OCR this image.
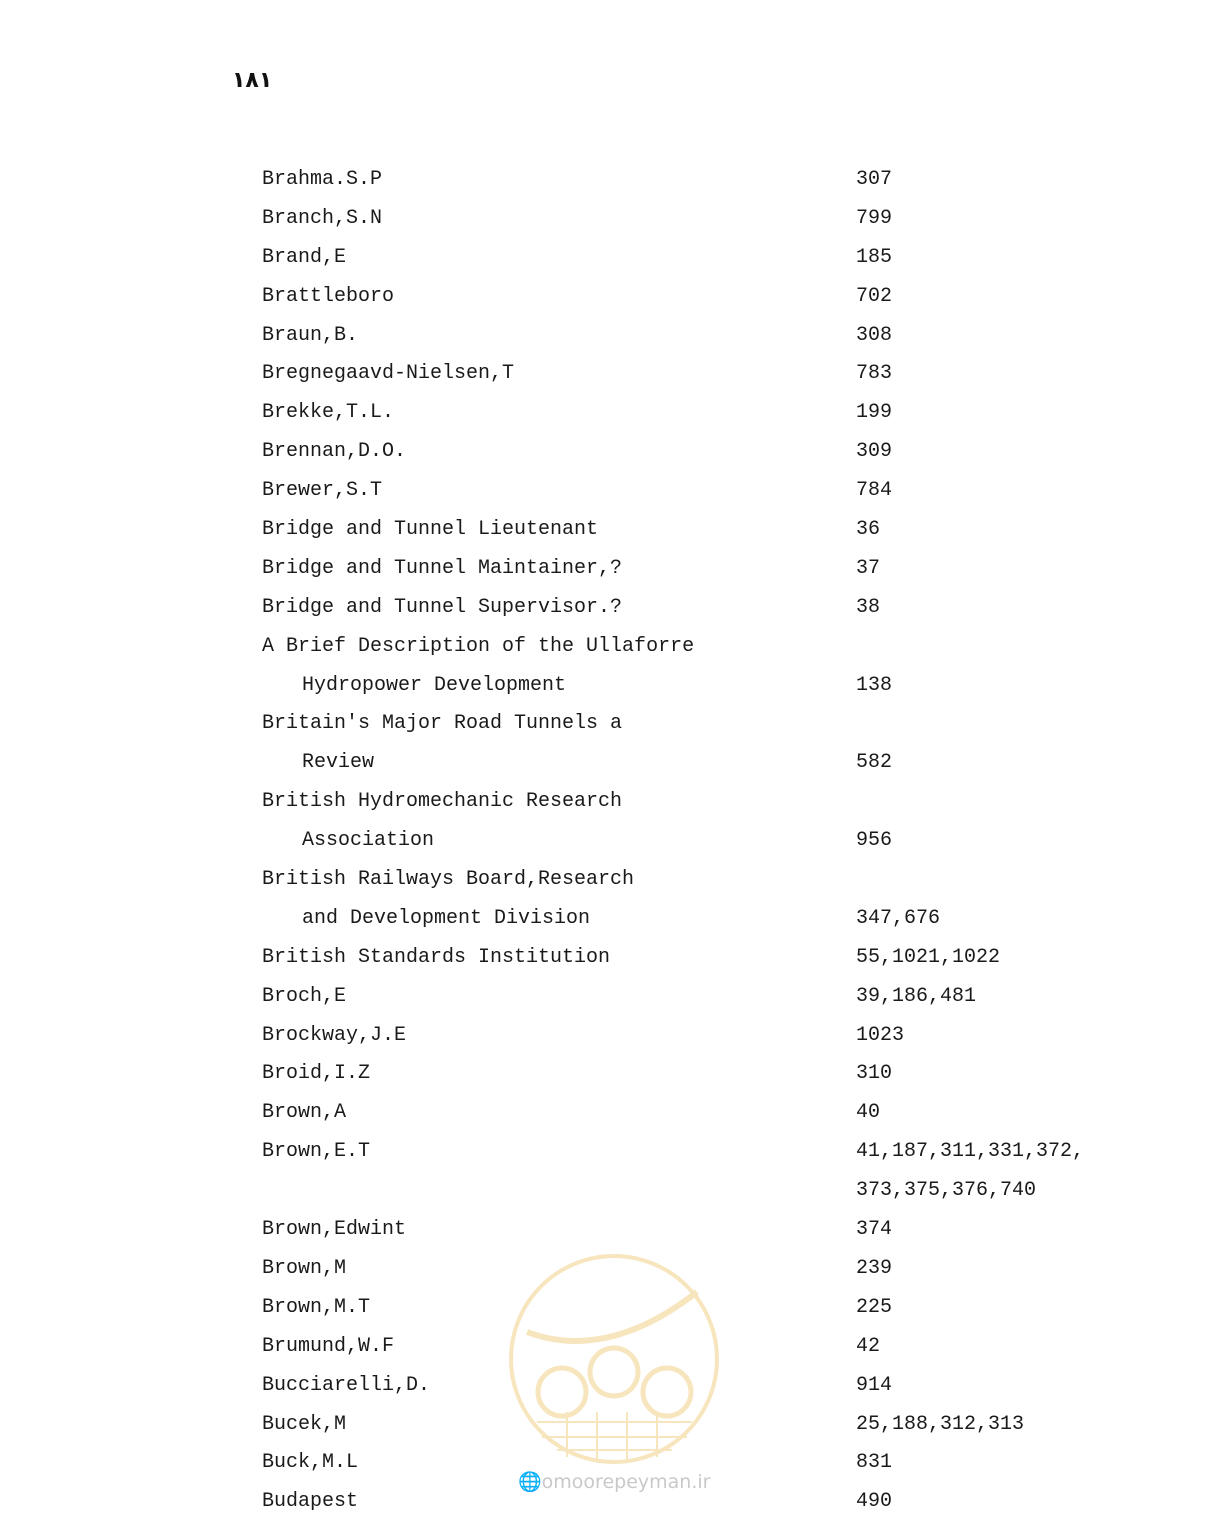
۱۸۱
Brahma.S.P	307
Branch,S.N	799
Brand,E	185
Brattleboro	702
Braun,B.	308
Bregnegaavd-Nielsen,T	783
Brekke,T.L.	199
Brennan,D.O.	309
Brewer,S.T	784
Bridge and Tunnel Lieutenant	36
Bridge and Tunnel Maintainer,?	37
Bridge and Tunnel Supervisor.?	38
A Brief Description of the Ullaforre
Hydropower Development	138
Britain's Major Road Tunnels a
Review	582
British Hydromechanic Research
Association	956
British Railways Board,Research
and Development Division	347,676
British Standards Institution	55,1021,1022
Broch,E	39,186,481
Brockway,J.E	1023
Broid,I.Z	310
Brown,A	40
Brown,E.T	41,187,311,331,372,
373,375,376,740
Brown,Edwint	374
Brown,M	239
Brown,M.T	225
Brumund,W.F	42
Bucciarelli,D.	914
Bucek,M	25,188,312,313
Buck,M.L	831
Budapest	490
🌐omoorepeyman.ir
